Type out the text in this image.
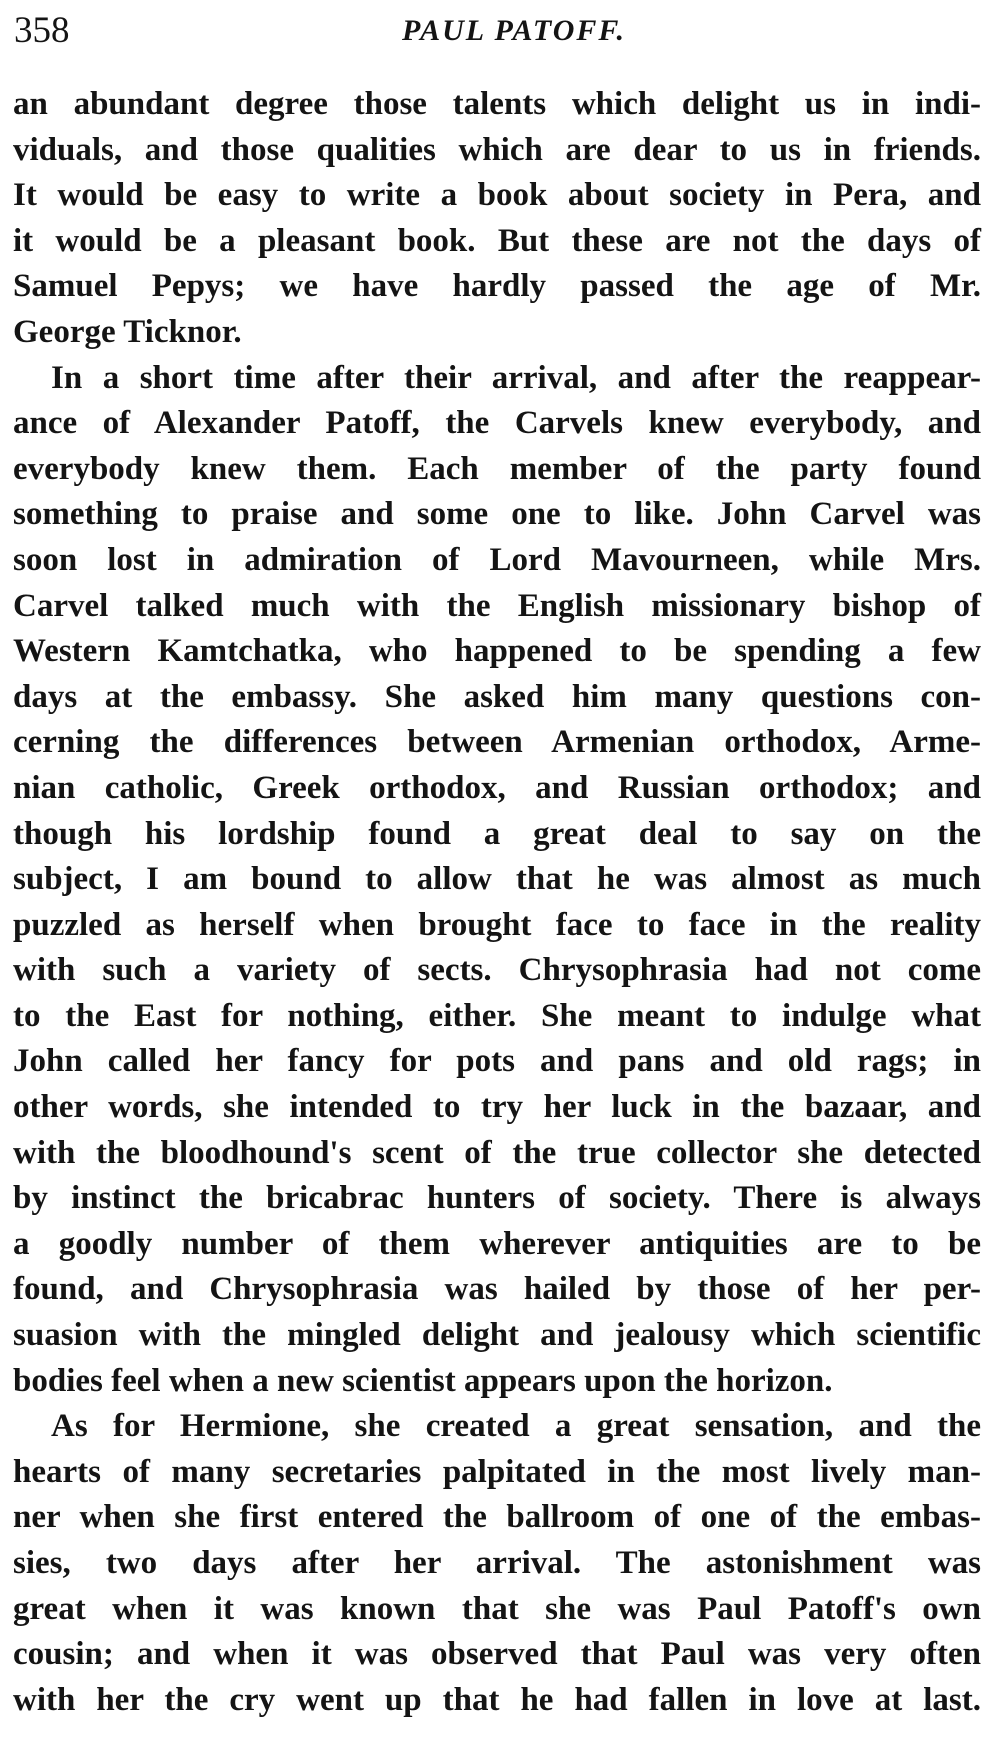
358	PAUL PATOFF.
an abundant degree those talents which delight us in indi-
viduals, and those qualities which are dear to us in friends.
It would be easy to write a book about society in Pera, and
it would be a pleasant book. But these are not the days of
Samuel Pepys; we have hardly passed the age of Mr.
George Ticknor.
In a short time after their arrival, and after the reappear-
ance of Alexander Patoff, the Carvels knew everybody, and
everybody knew them. Each member of the party found
something to praise and some one to like. John Carvel was
soon lost in admiration of Lord Mavourneen, while Mrs.
Carvel talked much with the English missionary bishop of
Western Kamtchatka, who happened to be spending a few
days at the embassy. She asked him many questions con-
cerning the differences between Armenian orthodox, Arme-
nian catholic, Greek orthodox, and Russian orthodox; and
though his lordship found a great deal to say on the
subject, I am bound to allow that he was almost as much
puzzled as herself when brought face to face in the reality
with such a variety of sects. Chrysophrasia had not come
to the East for nothing, either. She meant to indulge what
John called her fancy for pots and pans and old rags; in
other words, she intended to try her luck in the bazaar, and
with the bloodhound's scent of the true collector she detected
by instinct the bricabrac hunters of society. There is always
a goodly number of them wherever antiquities are to be
found, and Chrysophrasia was hailed by those of her per-
suasion with the mingled delight and jealousy which scientific
bodies feel when a new scientist appears upon the horizon.
As for Hermione, she created a great sensation, and the
hearts of many secretaries palpitated in the most lively man-
ner when she first entered the ballroom of one of the embas-
sies, two days after her arrival. The astonishment was
great when it was known that she was Paul Patoff's own
cousin; and when it was observed that Paul was very often
with her the cry went up that he had fallen in love at last.
